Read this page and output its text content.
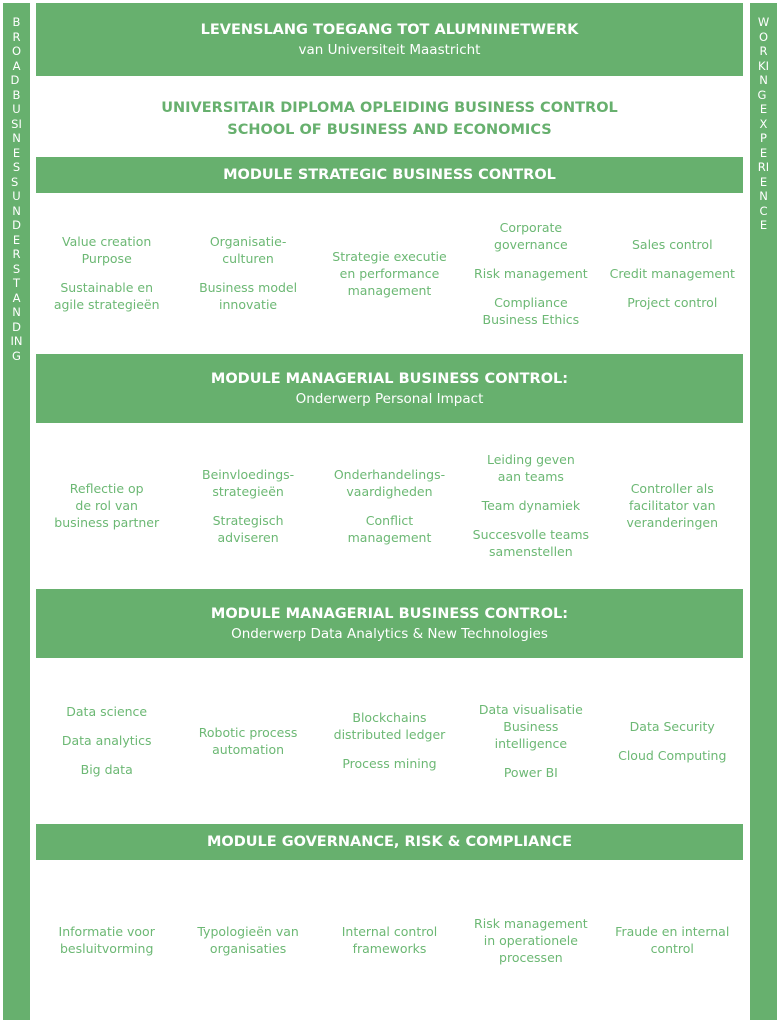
BROAD BUSINESS UNDERSTANDING
WORKING EXPERIENCE
LEVENSLANG TOEGANG TOT ALUMNINETWERK
van Universiteit Maastricht
UNIVERSITAIR DIPLOMA OPLEIDING BUSINESS CONTROL
SCHOOL OF BUSINESS AND ECONOMICS
MODULE STRATEGIC BUSINESS CONTROL
Value creation
Purpose
Sustainable en
agile strategieën
Organisatie-
culturen
Business model
innovatie
Strategie executie
en performance
management
Corporate
governance
Risk management
Compliance
Business Ethics
Sales control
Credit management
Project control
MODULE MANAGERIAL BUSINESS CONTROL:
Onderwerp Personal Impact
Reflectie op
de rol van
business partner
Beinvloedings-
strategieën
Strategisch
adviseren
Onderhandelings-
vaardigheden
Conflict
management
Leiding geven
aan teams
Team dynamiek
Succesvolle teams
samenstellen
Controller als
facilitator van
veranderingen
MODULE MANAGERIAL BUSINESS CONTROL:
Onderwerp Data Analytics & New Technologies
Data science
Data analytics
Big data
Robotic process
automation
Blockchains
distributed ledger
Process mining
Data visualisatie
Business
intelligence
Power BI
Data Security
Cloud Computing
MODULE GOVERNANCE, RISK & COMPLIANCE
Informatie voor
besluitvorming
Typologieën van
organisaties
Internal control
frameworks
Risk management
in operationele
processen
Fraude en internal
control
